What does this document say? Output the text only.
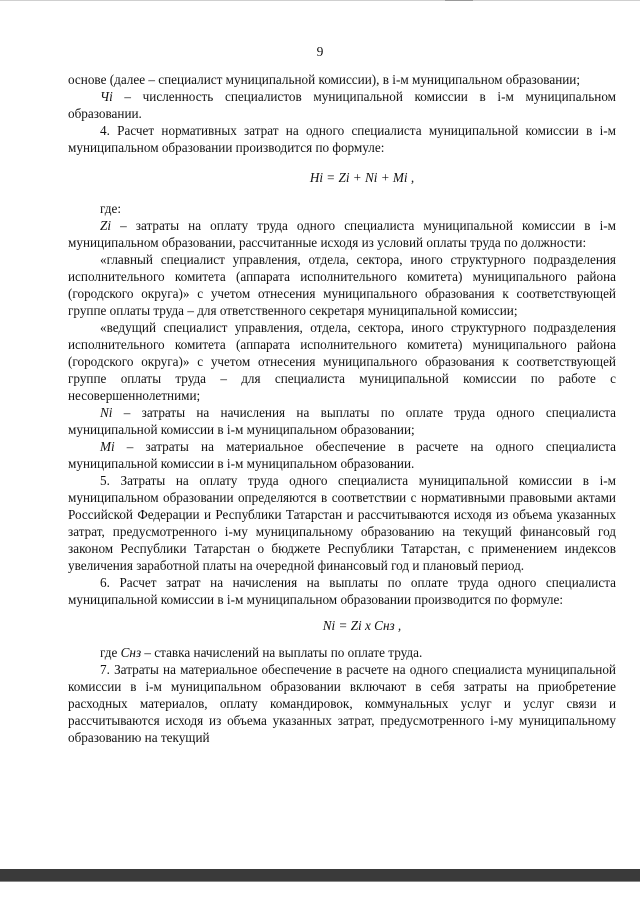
9

основе (далее – специалист муниципальной комиссии), в i-м муниципальном образовании;

Чi – численность специалистов муниципальной комиссии в i-м муниципальном образовании.

4. Расчет нормативных затрат на одного специалиста муниципальной комиссии в i-м муниципальном образовании производится по формуле:

Hi = Zi + Ni + Mi ,

где:

Zi – затраты на оплату труда одного специалиста муниципальной комиссии в i-м муниципальном образовании, рассчитанные исходя из условий оплаты труда по должности:

«главный специалист управления, отдела, сектора, иного структурного подразделения исполнительного комитета (аппарата исполнительного комитета) муниципального района (городского округа)» с учетом отнесения муниципального образования к соответствующей группе оплаты труда – для ответственного секретаря муниципальной комиссии;

«ведущий специалист управления, отдела, сектора, иного структурного подразделения исполнительного комитета (аппарата исполнительного комитета) муниципального района (городского округа)» с учетом отнесения муниципального образования к соответствующей группе оплаты труда – для специалиста муниципальной комиссии по работе с несовершеннолетними;

Ni – затраты на начисления на выплаты по оплате труда одного специалиста муниципальной комиссии в i-м муниципальном образовании;

Mi – затраты на материальное обеспечение в расчете на одного специалиста муниципальной комиссии в i-м муниципальном образовании.

5. Затраты на оплату труда одного специалиста муниципальной комиссии в i-м муниципальном образовании определяются в соответствии с нормативными правовыми актами Российской Федерации и Республики Татарстан и рассчитываются исходя из объема указанных затрат, предусмотренного i-му муниципальному образованию на текущий финансовый год законом Республики Татарстан о бюджете Республики Татарстан, с применением индексов увеличения заработной платы на очередной финансовый год и плановый период.

6. Расчет затрат на начисления на выплаты по оплате труда одного специалиста муниципальной комиссии в i-м муниципальном образовании производится по формуле:

Ni = Zi x Снз ,

где Снз – ставка начислений на выплаты по оплате труда.

7. Затраты на материальное обеспечение в расчете на одного специалиста муниципальной комиссии в i-м муниципальном образовании включают в себя затраты на приобретение расходных материалов, оплату командировок, коммунальных услуг и услуг связи и рассчитываются исходя из объема указанных затрат, предусмотренного i-му муниципальному образованию на текущий
